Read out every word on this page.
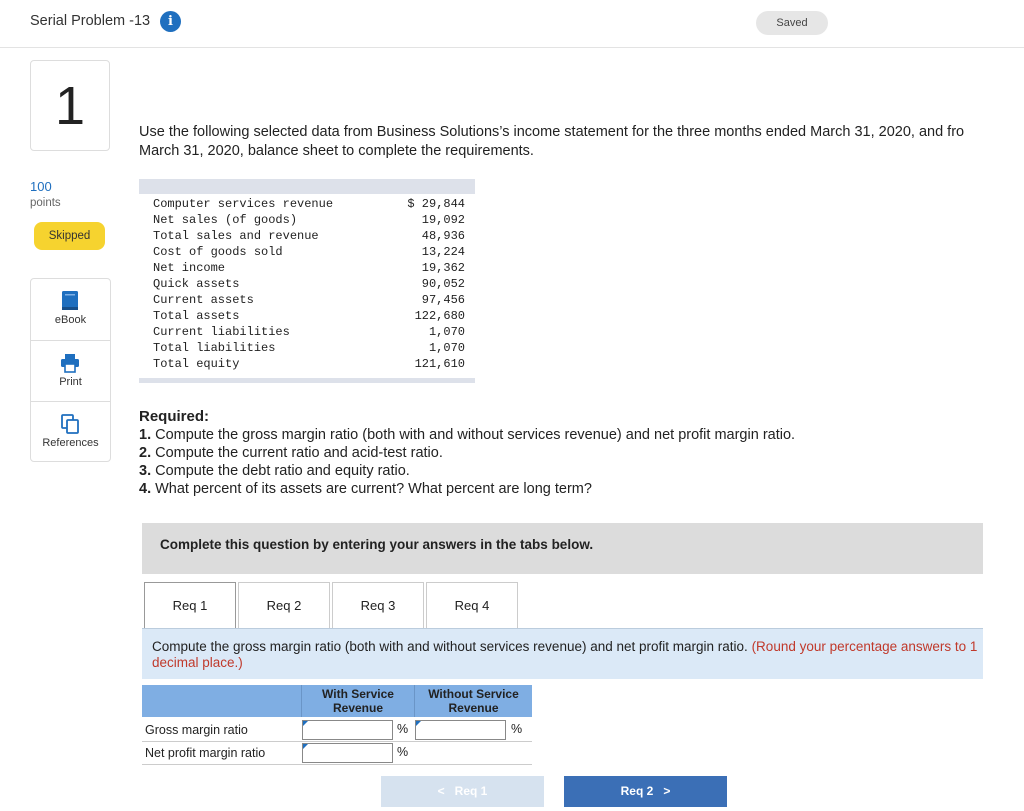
Serial Problem -13	i	Saved
1
100
points
Skipped
eBook
Print
References
Use the following selected data from Business Solutions’s income statement for the three months ended March 31, 2020, and fro
March 31, 2020, balance sheet to complete the requirements.
Computer services revenue	$ 29,844
Net sales (of goods)	19,092
Total sales and revenue	48,936
Cost of goods sold	13,224
Net income	19,362
Quick assets	90,052
Current assets	97,456
Total assets	122,680
Current liabilities	1,070
Total liabilities	1,070
Total equity	121,610
Required:
1. Compute the gross margin ratio (both with and without services revenue) and net profit margin ratio.
2. Compute the current ratio and acid-test ratio.
3. Compute the debt ratio and equity ratio.
4. What percent of its assets are current? What percent are long term?
Complete this question by entering your answers in the tabs below.
Req 1	Req 2	Req 3	Req 4
Compute the gross margin ratio (both with and without services revenue) and net profit margin ratio. (Round your percentage answers to 1 decimal place.)
With Service Revenue
Without Service Revenue
Gross margin ratio	%	%
Net profit margin ratio	%
< Req 1	Req 2 >
